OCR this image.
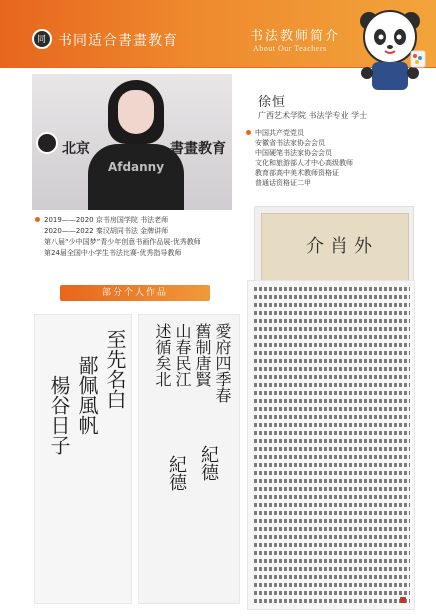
同 书同适合書畫教育	书法教师简介
About Our Teachers
Afdanny
北京	書畫教育
徐恒
广西艺术学院 书法学专业 学士
中国共产党党员
安徽省书法家协会会员
中国硬笔书法家协会会员
文化和旅游部人才中心高级教师
教育部高中美术教师资格证
普通话资格证二甲
2019——2020 京书房国学院 书法老师
2020——2022 秦汉胡同书法 金牌讲师
第八届“少中国梦”青少年创意书画作品展-优秀教师
第24届全国中小学生书法比赛-优秀指导教师
部分个人作品
介肖外
至先名白
鄙佩風帆
楊谷日子
愛府四季春
舊制唐賢
山春民江
述循矣北
紀德
紀德
